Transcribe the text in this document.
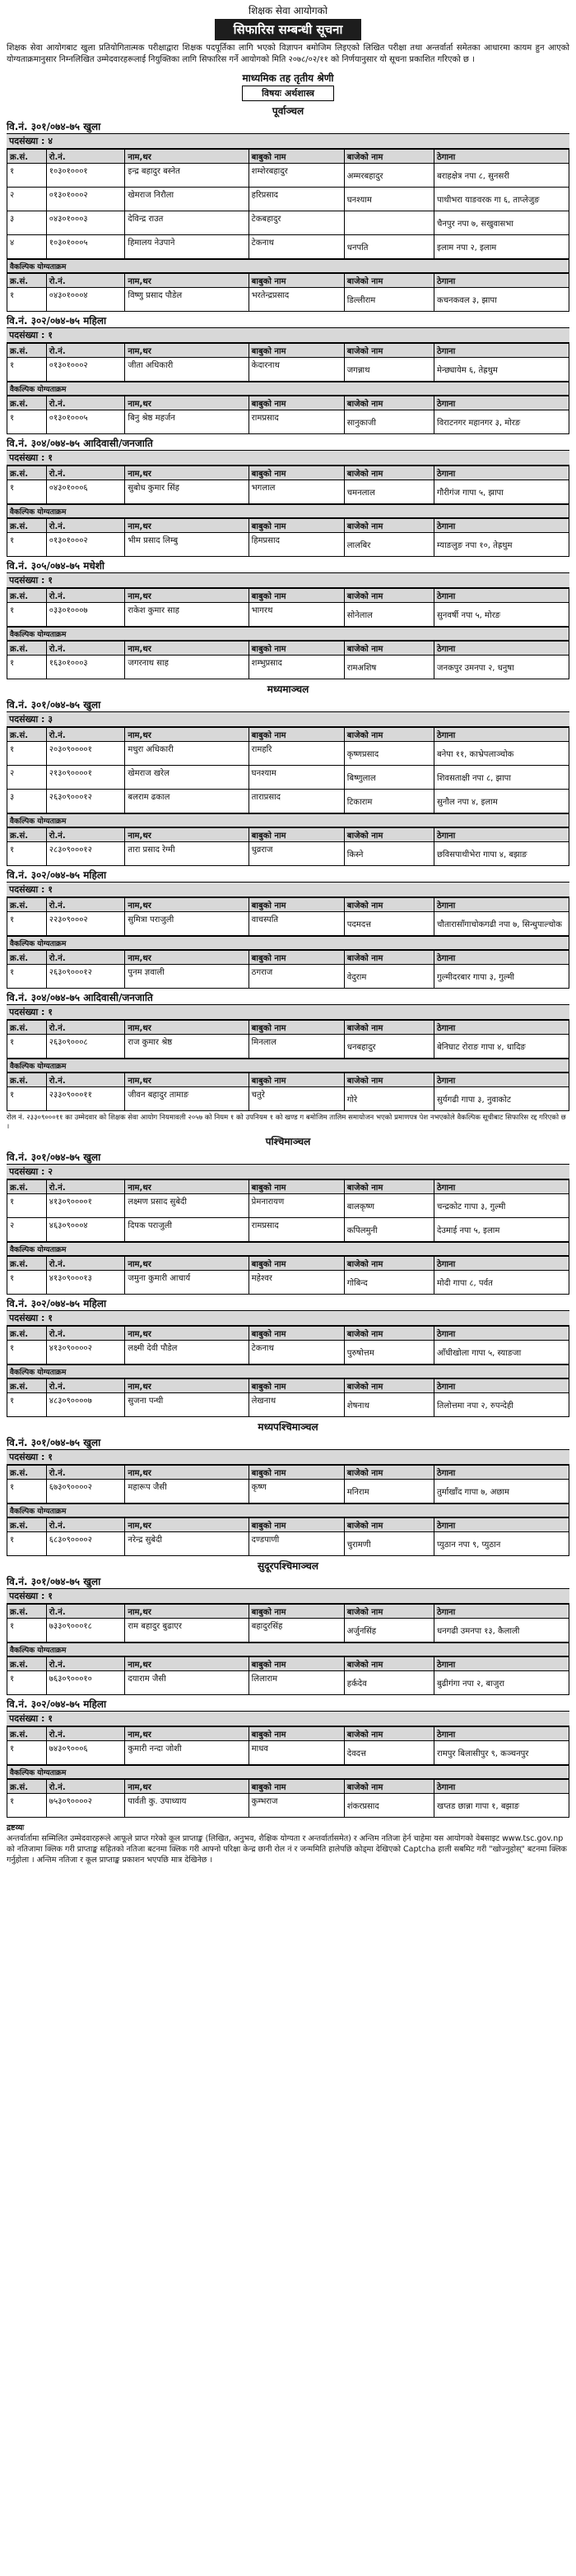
शिक्षक सेवा आयोगको
सिफारिस सम्बन्धी सूचना
शिक्षक सेवा आयोगबाट खुला प्रतियोगितात्मक परीक्षाद्वारा शिक्षक पदपूर्तिका लागि भएको विज्ञापन बमोजिम लिइएको लिखित परीक्षा तथा अन्तर्वार्ता समेतका आधारमा कायम हुन आएको योग्यताक्रमानुसार निम्नलिखित उम्मेदवारहरूलाई नियुक्तिका लागि सिफारिस गर्ने आयोगको मिति २०७८/०२/११ को निर्णयानुसार यो सूचना प्रकाशित गरिएको छ ।
माध्यमिक तह तृतीय श्रेणी
विषयः अर्थशास्त्र
पूर्वाञ्चल
वि.नं. ३०१/०७४-७५ खुला
पदसंख्या : ४
क्र.सं.	रो.नं.	नाम,थर	बाबुको नाम	बाजेको नाम	ठेगाना
१	१०३०१०००१	इन्द्र बहादुर बस्नेत	शम्शेरबहादुर	अम्मरबहादुर	बराहक्षेत्र नपा ८, सुनसरी
२	०१३०१०००२	खेमराज निरौला	हरिप्रसाद	घनश्याम	पाथीभरा याङवरक गा ६, ताप्लेजुङ
३	०४३०१०००३	देविन्द्र राउत	टेकबहादुर		चैनपुर नपा ७, सखुवासभा
४	१०३०१०००५	हिमालय नेउपाने	टेकनाथ	धनपति	इलाम नपा २, इलाम
वैकल्पिक योग्यताक्रम
क्र.सं.	रो.नं.	नाम,थर	बाबुको नाम	बाजेको नाम	ठेगाना
१	०४३०१०००४	विष्णु प्रसाद पौडेल	भरतेन्द्रप्रसाद	डिल्लीराम	कचनकवल ३, झापा
वि.नं. ३०२/०७४-७५ महिला
पदसंख्या : १
क्र.सं.	रो.नं.	नाम,थर	बाबुको नाम	बाजेको नाम	ठेगाना
१	०१३०१०००२	जीता अधिकारी	केदारनाथ	जगन्नाथ	मेन्छ्यायेम ६, तेह्रथुम
वैकल्पिक योग्यताक्रम
क्र.सं.	रो.नं.	नाम,थर	बाबुको नाम	बाजेको नाम	ठेगाना
१	०१३०१०००५	बिनु श्रेष्ठ महर्जन	रामप्रसाद	सानुकाजी	विराटनगर महानगर ३, मोरङ
वि.नं. ३०४/०७४-७५ आदिवासी/जनजाति
पदसंख्या : १
क्र.सं.	रो.नं.	नाम,थर	बाबुको नाम	बाजेको नाम	ठेगाना
१	०४३०१०००६	सुबोध कुमार सिंह	भगलाल	चमनलाल	गौरीगंज गापा ५, झापा
वैकल्पिक योग्यताक्रम
क्र.सं.	रो.नं.	नाम,थर	बाबुको नाम	बाजेको नाम	ठेगाना
१	०१३०१०००२	भीम प्रसाद लिम्बु	हिमप्रसाद	लालबिर	म्याङलुङ नपा १०, तेह्रथुम
वि.नं. ३०५/०७४-७५ मधेशी
पदसंख्या : १
क्र.सं.	रो.नं.	नाम,थर	बाबुको नाम	बाजेको नाम	ठेगाना
१	०३३०१०००७	राकेश कुमार साह	भागरथ	सोनेलाल	सुनवर्षी नपा ५, मोरङ
वैकल्पिक योग्यताक्रम
क्र.सं.	रो.नं.	नाम,थर	बाबुको नाम	बाजेको नाम	ठेगाना
१	१६३०१०००३	जगरनाथ साह	शम्भुप्रसाद	रामअशिष	जनकपुर उमनपा २, धनुषा
मध्यमाञ्चल
वि.नं. ३०१/०७४-७५ खुला
पदसंख्या : ३
क्र.सं.	रो.नं.	नाम,थर	बाबुको नाम	बाजेको नाम	ठेगाना
१	२०३०९००००१	मधुरा अधिकारी	रामहरि	कृष्णप्रसाद	बनेपा ११, काभ्रेपलाञ्चोक
२	२१३०९००००१	खेमराज खरेल	घनश्याम	बिष्णुलाल	शिवसताक्षी नपा ८, झापा
३	२६३०९०००१२	बलराम ढकाल	ताराप्रसाद	टिकाराम	सुनौल नपा ४, इलाम
वैकल्पिक योग्यताक्रम
क्र.सं.	रो.नं.	नाम,थर	बाबुको नाम	बाजेको नाम	ठेगाना
१	२८३०९०००१२	तारा प्रसाद रेग्मी	धुव्रराज	किस्ने	छविसपाथीभेरा गापा ४, बझाङ
वि.नं. ३०२/०७४-७५ महिला
पदसंख्या : १
क्र.सं.	रो.नं.	नाम,थर	बाबुको नाम	बाजेको नाम	ठेगाना
१	२२३०९०००२	सुमित्रा पराजुली	वाचस्पति	पदमदत्त	चौतारासाँगाचोकगढी नपा ७, सिन्धुपाल्चोक
वैकल्पिक योग्यताक्रम
क्र.सं.	रो.नं.	नाम,थर	बाबुको नाम	बाजेको नाम	ठेगाना
१	२६३०९०००१२	पुनम ज्ञवाली	ठगराज	वेदुराम	गुल्मीदरबार गापा ३, गुल्मी
वि.नं. ३०४/०७४-७५ आदिवासी/जनजाति
पदसंख्या : १
क्र.सं.	रो.नं.	नाम,थर	बाबुको नाम	बाजेको नाम	ठेगाना
१	२६३०९०००८	राज कुमार श्रेष्ठ	मिनलाल	धनबहादुर	बेनिघाट रोराङ गापा ४, धादिङ
वैकल्पिक योग्यताक्रम
क्र.सं.	रो.नं.	नाम,थर	बाबुको नाम	बाजेको नाम	ठेगाना
१	२३३०९०००११	जीवन बहादुर तामाङ	चतुरे	गोरे	सुर्यगढी गापा ३, नुवाकोट
रोल नं. २३३०९०००११ का उम्मेदवार को शिक्षक सेवा आयोग नियमावली २०५७ को नियम १ को उपनियम १ को खण्ड ग बमोजिम तालिम समायोजन भएको प्रमाणपत्र पेश नभएकोले वैकल्पिक सूचीबाट सिफारिस रद्द गरिएको छ ।
पश्चिमाञ्चल
वि.नं. ३०१/०७४-७५ खुला
पदसंख्या : २
क्र.सं.	रो.नं.	नाम,थर	बाबुको नाम	बाजेको नाम	ठेगाना
१	४१३०९००००१	लक्ष्मण प्रसाद सुबेदी	प्रेमनारायण	बालकृष्ण	चन्द्रकोट गापा ३, गुल्मी
२	४६३०९०००४	दिपक पराजुली	रामप्रसाद	कपिलमुनी	देउमाई नपा ५, इलाम
वैकल्पिक योग्यताक्रम
क्र.सं.	रो.नं.	नाम,थर	बाबुको नाम	बाजेको नाम	ठेगाना
१	४१३०९०००१३	जमुना कुमारी आचार्य	महेश्वर	गोबिन्द	मोदी गापा ८, पर्वत
वि.नं. ३०२/०७४-७५ महिला
पदसंख्या : १
क्र.सं.	रो.नं.	नाम,थर	बाबुको नाम	बाजेको नाम	ठेगाना
१	४१३०९००००२	लक्ष्मी देवी पौडेल	टेकनाथ	पुरुषोत्तम	आँधीखोला गापा ५, स्याङजा
वैकल्पिक योग्यताक्रम
क्र.सं.	रो.नं.	नाम,थर	बाबुको नाम	बाजेको नाम	ठेगाना
१	४८३०९००००७	सुजना पन्थी	लेखनाथ	शेषनाथ	तिलोत्तमा नपा २, रुपन्देही
मध्यपश्चिमाञ्चल
वि.नं. ३०१/०७४-७५ खुला
पदसंख्या : १
क्र.सं.	रो.नं.	नाम,थर	बाबुको नाम	बाजेको नाम	ठेगाना
१	६७३०९००००२	महारूप जैसी	कृष्ण	मनिराम	तुर्माखाँद गापा ७, अछाम
वैकल्पिक योग्यताक्रम
क्र.सं.	रो.नं.	नाम,थर	बाबुको नाम	बाजेको नाम	ठेगाना
१	६८३०९००००२	नरेन्द्र सुबेदी	दण्डपाणी	चुरामणी	प्युठान नपा ९, प्युठान
सुदूरपश्चिमाञ्चल
वि.नं. ३०१/०७४-७५ खुला
पदसंख्या : १
क्र.सं.	रो.नं.	नाम,थर	बाबुको नाम	बाजेको नाम	ठेगाना
१	७३३०९०००१८	राम बहादुर बुढाएर	बहादुरसिंह	अर्जुनसिंह	धनगढी उमनपा १३, कैलाली
वैकल्पिक योग्यताक्रम
क्र.सं.	रो.नं.	नाम,थर	बाबुको नाम	बाजेको नाम	ठेगाना
१	७६३०९०००१०	दयाराम जैसी	लिलाराम	हर्कदेव	बुढीगंगा नपा २, बाजुरा
वि.नं. ३०२/०७४-७५ महिला
पदसंख्या : १
क्र.सं.	रो.नं.	नाम,थर	बाबुको नाम	बाजेको नाम	ठेगाना
१	७४३०९०००६	कुमारी नन्दा जोशी	माधव	देवदत्त	रामपुर बिलासीपुर ९, कञ्चनपुर
वैकल्पिक योग्यताक्रम
क्र.सं.	रो.नं.	नाम,थर	बाबुको नाम	बाजेको नाम	ठेगाना
१	७५३०९००००२	पार्वती कु. उपाध्याय	कुम्भराज	शंकरप्रसाद	खप्तड छान्ना गापा १, बझाङ
द्रष्टव्यः
अन्तर्वार्तामा सम्मिलित उम्मेदवारहरूले आफूले प्राप्त गरेको कूल प्राप्ताङ्क (लिखित, अनुभव, शैक्षिक योग्यता र अन्तर्वार्तासमेत) र अन्तिम नतिजा हेर्न चाहेमा यस आयोगको वेबसाइट www.tsc.gov.np को नतिजामा क्लिक गरी प्राप्ताङ्क सहितको नतिजा बटनमा क्लिक गरी आफ्नो परिक्षा केन्द्र छानी रोल नं र जन्ममिति हालेपछि कोड्‌मा देखिएको Captcha हाली सबमिट गरी "खोज्नुहोस्" बटनमा क्लिक गर्नुहोला । अन्तिम नतिजा र कूल प्राप्ताङ्क प्रकाशन भएपछि मात्र देखिनेछ ।
